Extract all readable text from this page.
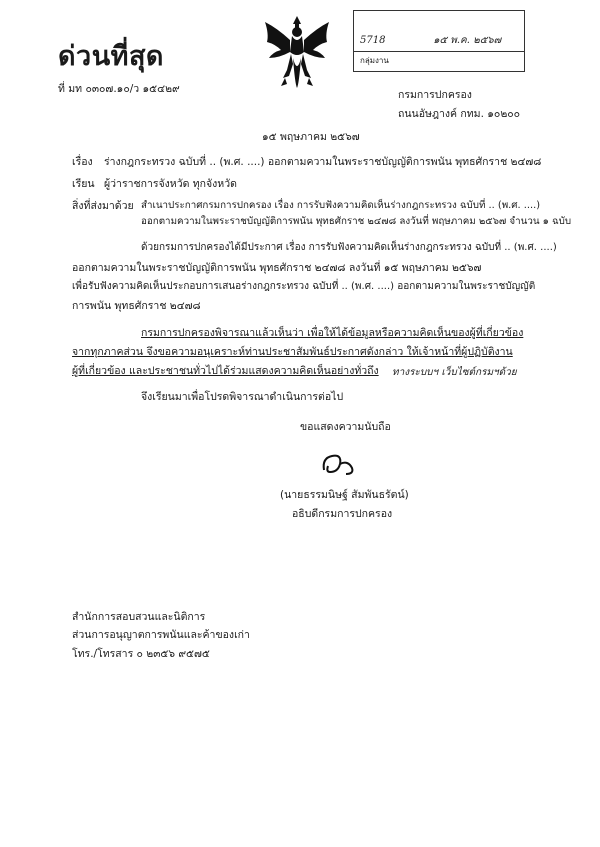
ด่วนที่สุด
ที่ มท ๐๓๐๗.๑๐/ว ๑๕๔๒๙

5718	๑๕ พ.ค. ๒๕๖๗
กลุ่มงาน
กรมการปกครอง
ถนนอัษฎางค์ กทม. ๑๐๒๐๐
๑๕ พฤษภาคม ๒๕๖๗
เรื่อง ร่างกฎกระทรวง ฉบับที่ .. (พ.ศ. ....) ออกตามความในพระราชบัญญัติการพนัน พุทธศักราช ๒๔๗๘
เรียน ผู้ว่าราชการจังหวัด ทุกจังหวัด
สิ่งที่ส่งมาด้วย สำเนาประกาศกรมการปกครอง เรื่อง การรับฟังความคิดเห็นร่างกฎกระทรวง ฉบับที่ .. (พ.ศ. ....)
ออกตามความในพระราชบัญญัติการพนัน พุทธศักราช ๒๔๗๘ ลงวันที่ พฤษภาคม ๒๕๖๗ จำนวน ๑ ฉบับ
ด้วยกรมการปกครองได้มีประกาศ เรื่อง การรับฟังความคิดเห็นร่างกฎกระทรวง ฉบับที่ .. (พ.ศ. ....)
ออกตามความในพระราชบัญญัติการพนัน พุทธศักราช ๒๔๗๘ ลงวันที่ ๑๕ พฤษภาคม ๒๕๖๗
เพื่อรับฟังความคิดเห็นประกอบการเสนอร่างกฎกระทรวง ฉบับที่ .. (พ.ศ. ....) ออกตามความในพระราชบัญญัติ
การพนัน พุทธศักราช ๒๔๗๘
กรมการปกครองพิจารณาแล้วเห็นว่า เพื่อให้ได้ข้อมูลหรือความคิดเห็นของผู้ที่เกี่ยวข้อง
จากทุกภาคส่วน จึงขอความอนุเคราะห์ท่านประชาสัมพันธ์ประกาศดังกล่าว ให้เจ้าหน้าที่ผู้ปฏิบัติงาน
ผู้ที่เกี่ยวข้อง และประชาชนทั่วไปได้ร่วมแสดงความคิดเห็นอย่างทั่วถึง ทางระบบฯ เว็บไซต์กรมฯด้วย
จึงเรียนมาเพื่อโปรดพิจารณาดำเนินการต่อไป
ขอแสดงความนับถือ
(นายธรรมนิษฐ์ สัมพันธรัตน์)
อธิบดีกรมการปกครอง
สำนักการสอบสวนและนิติการ
ส่วนการอนุญาตการพนันและค้าของเก่า
โทร./โทรสาร ๐ ๒๓๕๖ ๙๕๗๕
